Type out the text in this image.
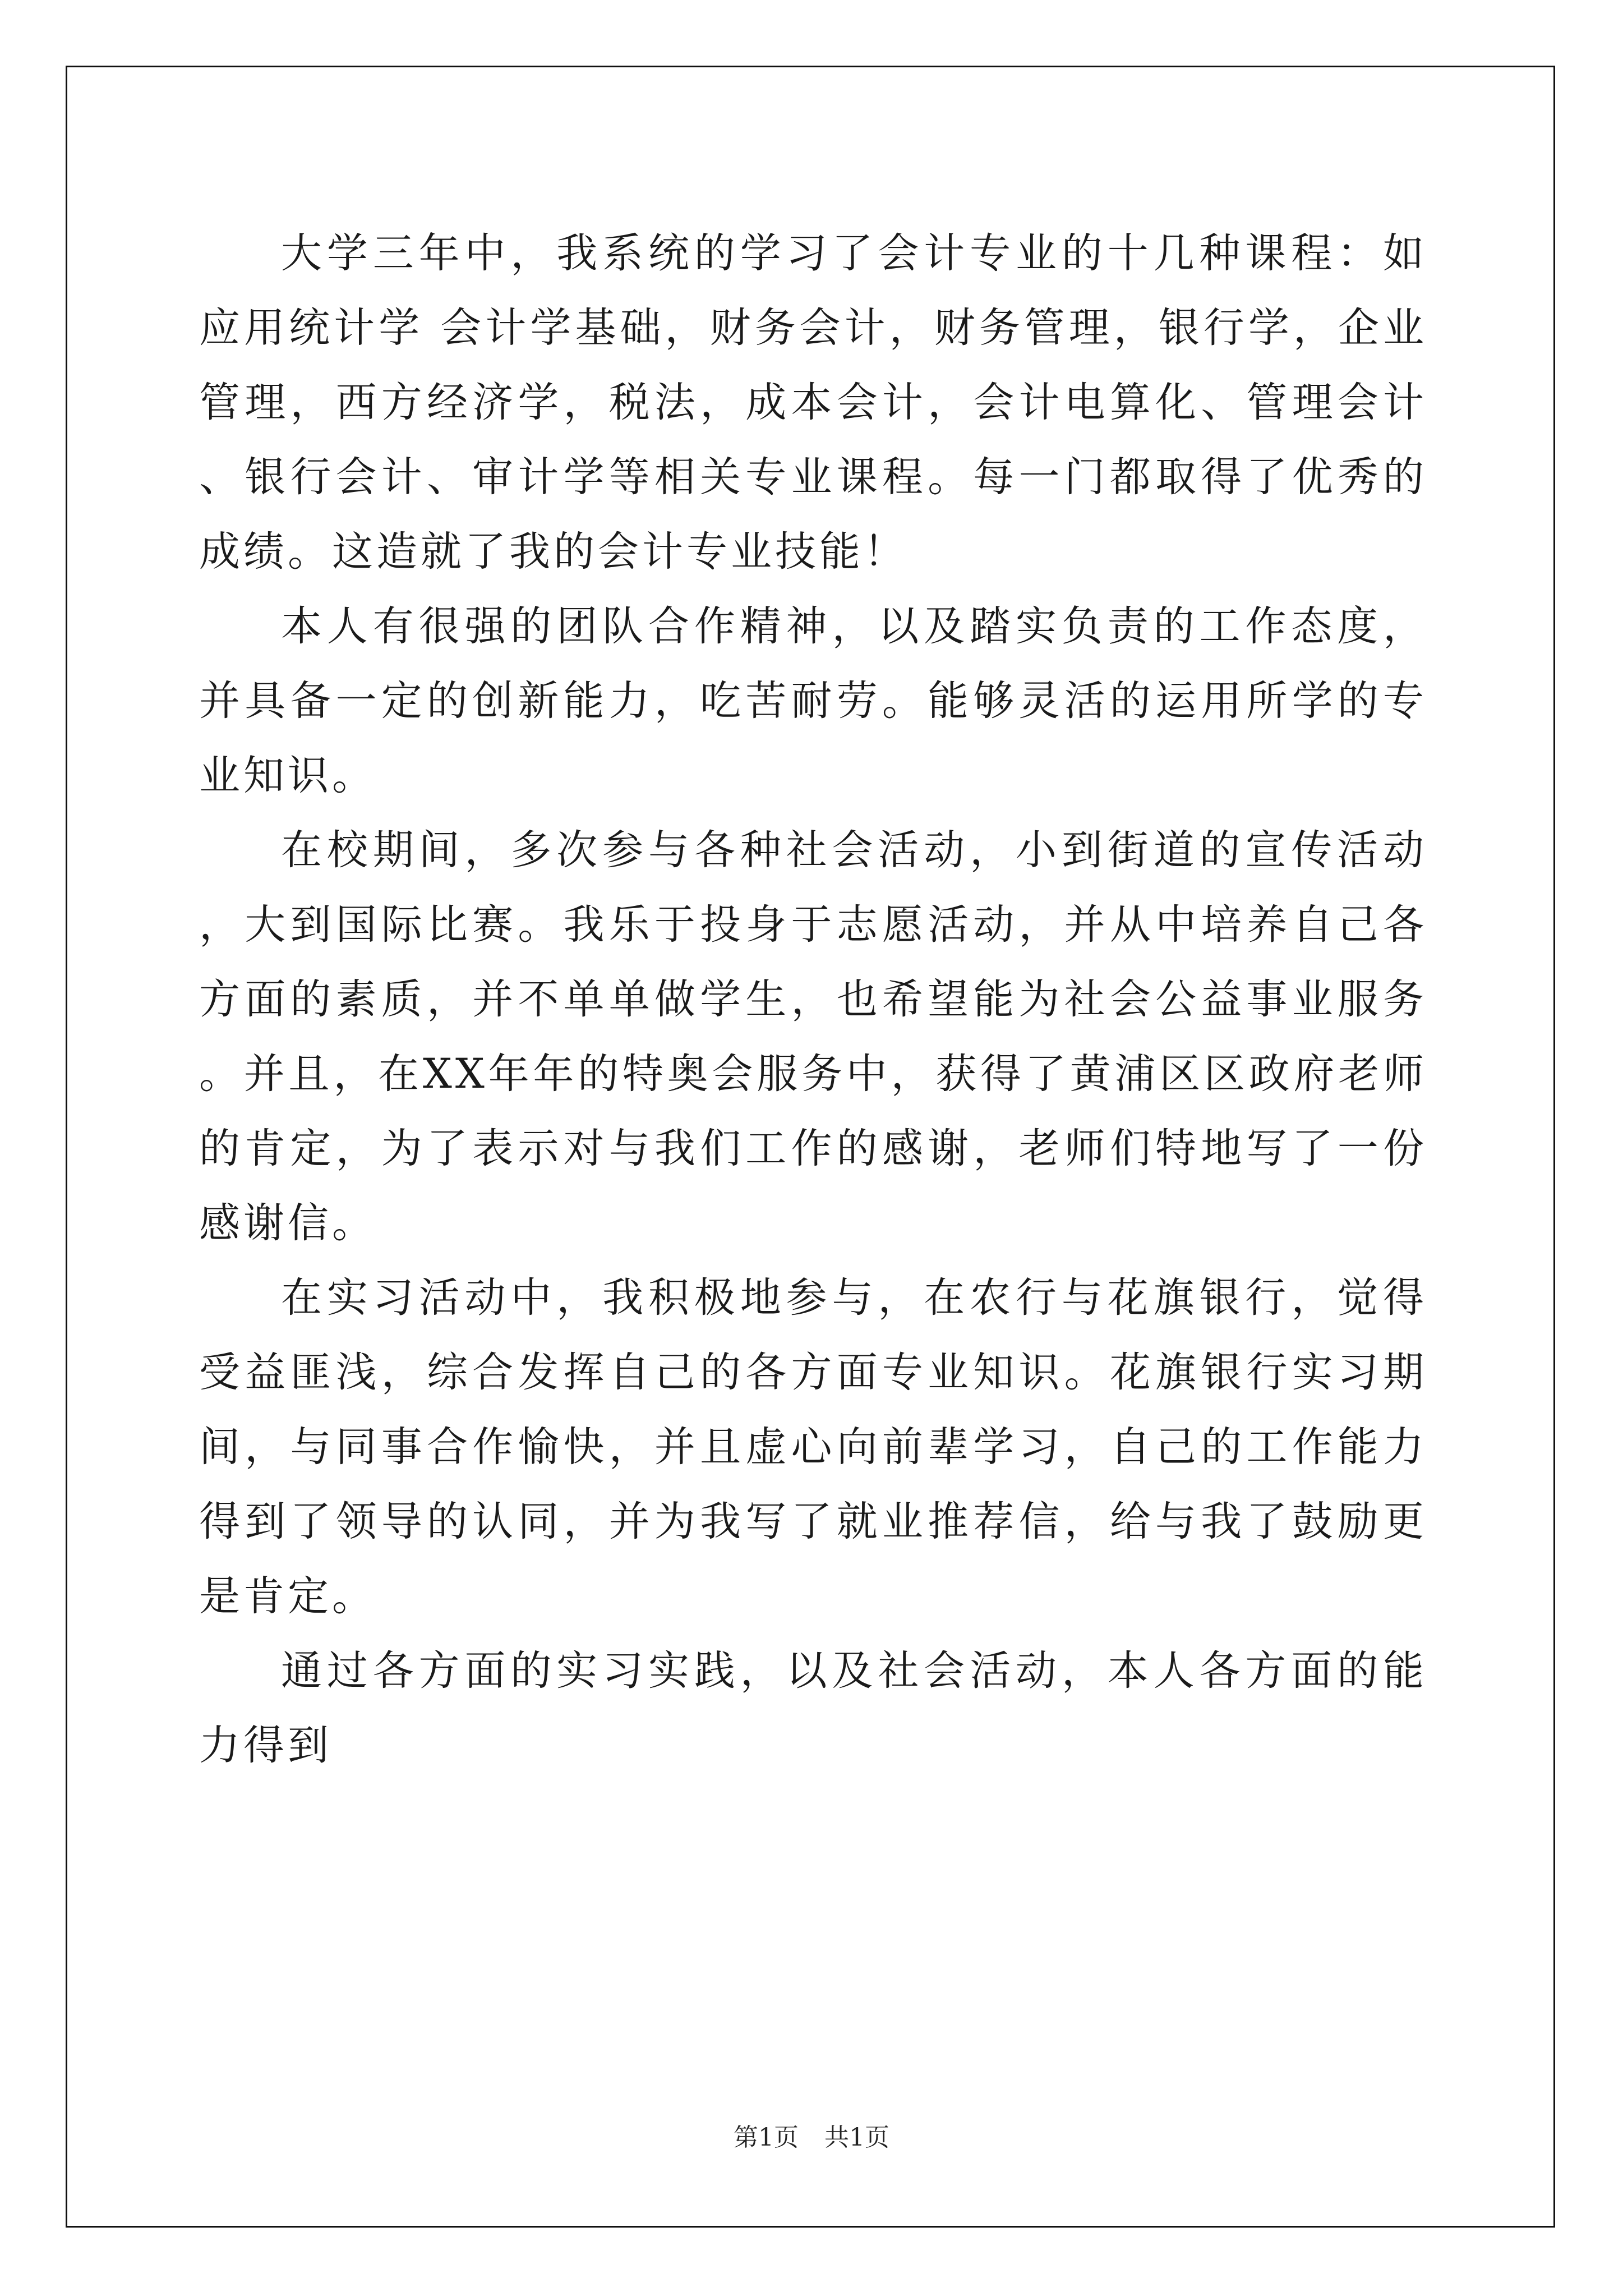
大学三年中，我系统的学习了会计专业的十几种课程：如应用统计学 会计学基础，财务会计，财务管理，银行学，企业管理，西方经济学，税法，成本会计，会计电算化、管理会计、银行会计、审计学等相关专业课程。每一门都取得了优秀的成绩。这造就了我的会计专业技能！

本人有很强的团队合作精神，以及踏实负责的工作态度，并具备一定的创新能力，吃苦耐劳。能够灵活的运用所学的专业知识。

在校期间，多次参与各种社会活动，小到街道的宣传活动，大到国际比赛。我乐于投身于志愿活动，并从中培养自己各方面的素质，并不单单做学生，也希望能为社会公益事业服务。并且，在XX年年的特奥会服务中，获得了黄浦区区政府老师的肯定，为了表示对与我们工作的感谢，老师们特地写了一份感谢信。

在实习活动中，我积极地参与，在农行与花旗银行，觉得受益匪浅，综合发挥自己的各方面专业知识。花旗银行实习期间，与同事合作愉快，并且虚心向前辈学习，自己的工作能力得到了领导的认同，并为我写了就业推荐信，给与我了鼓励更是肯定。

通过各方面的实习实践，以及社会活动，本人各方面的能力得到

第1页 共1页
